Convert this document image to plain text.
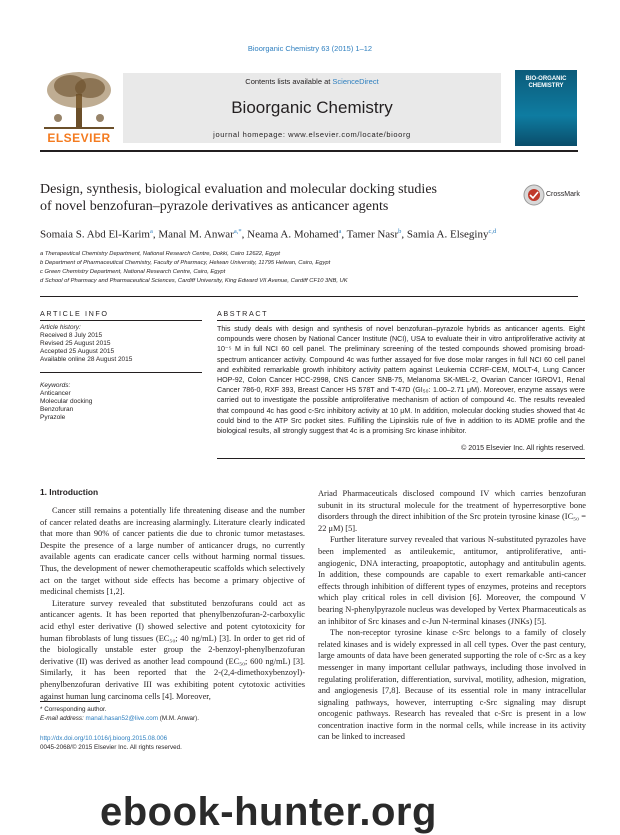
Bioorganic Chemistry 63 (2015) 1–12
ELSEVIER
Contents lists available at ScienceDirect
Bioorganic Chemistry
journal homepage: www.elsevier.com/locate/bioorg
BIO-ORGANIC CHEMISTRY
Design, synthesis, biological evaluation and molecular docking studies
of novel benzofuran–pyrazole derivatives as anticancer agents
CrossMark
Somaia S. Abd El-Karim$^a$, Manal M. Anwar$^{a,*}$, Neama A. Mohamed$^a$, Tamer Nasr$^b$, Samia A. Elseginy$^{c,d}$
a Therapeutical Chemistry Department, National Research Centre, Dokki, Cairo 12622, Egypt
b Department of Pharmaceutical Chemistry, Faculty of Pharmacy, Helwan University, 11795 Helwan, Cairo, Egypt
c Green Chemistry Department, National Research Centre, Cairo, Egypt
d School of Pharmacy and Pharmaceutical Sciences, Cardiff University, King Edward VII Avenue, Cardiff CF10 3NB, UK
ARTICLE INFO
Article history:
Received 8 July 2015
Revised 25 August 2015
Accepted 25 August 2015
Available online 28 August 2015
Keywords:
Anticancer
Molecular docking
Benzofuran
Pyrazole
ABSTRACT
This study deals with design and synthesis of novel benzofuran–pyrazole hybrids as anticancer agents. Eight compounds were chosen by National Cancer Institute (NCI), USA to evaluate their in vitro antiproliferative activity at 10⁻⁵ M in full NCI 60 cell panel. The preliminary screening of the tested compounds showed promising broad-spectrum anticancer activity. Compound 4c was further assayed for five dose molar ranges in full NCI 60 cell panel and exhibited remarkable growth inhibitory activity pattern against Leukemia CCRF-CEM, MOLT-4, Lung Cancer HOP-92, Colon Cancer HCC-2998, CNS Cancer SNB-75, Melanoma SK-MEL-2, Ovarian Cancer IGROV1, Renal Cancer 786-0, RXF 393, Breast Cancer HS 578T and T-47D (GI₅₀: 1.00–2.71 μM). Moreover, enzyme assays were carried out to investigate the possible antiproliferative mechanism of action of compound 4c. The results revealed that compound 4c has good c-Src inhibitory activity at 10 μM. In addition, molecular docking studies showed that 4c could bind to the ATP Src pocket sites. Fulfilling the Lipinskiis rule of five in addition to its ADME profile and the biological results, all strongly suggest that 4c is a promising Src kinase inhibitor.
© 2015 Elsevier Inc. All rights reserved.
1. Introduction

Cancer still remains a potentially life threatening disease and the number of cancer related deaths are increasing alarmingly. Literature clearly indicated that more than 90% of cancer patients die due to chronic tumor metastases. Despite the presence of a large number of anticancer drugs, no currently available agents can eradicate cancer cells without harming normal tissues. Thus, the development of newer chemotherapeutic scaffolds which selectively act on the target without side effects has become a primary objective of medicinal chemists [1,2].

Literature survey revealed that substituted benzofurans could act as anticancer agents. It has been reported that phenylbenzofuran-2-carboxylic acid ethyl ester derivative (I) showed selective and potent cytotoxicity for human fibroblasts of lung tissues (EC₅₀; 40 ng/mL) [3]. In order to get rid of the biologically unstable ester group the 2-benzoyl-phenylbenzofuran derivative (II) was derived as another lead compound (EC₅₀; 600 ng/mL) [3]. Similarly, it has been reported that the 2-(2,4-dimethoxybenzoyl)-phenylbenzofuran derivative III was exhibiting potent cytotoxic activities against human lung carcinoma cells [4]. Moreover,

Ariad Pharmaceuticals disclosed compound IV which carries benzofuran subunit in its structural molecule for the treatment of hyperresorptive bone disorders through the direct inhibition of the Src protein tyrosine kinase (IC₅₀ = 22 μM) [5].

Further literature survey revealed that various N-substituted pyrazoles have been implemented as antileukemic, antitumor, antiproliferative, anti-angiogenic, DNA interacting, proapoptotic, autophagy and antitubulin agents. In addition, these compounds are capable to exert remarkable anti-cancer effects through inhibition of different types of enzymes, proteins and receptors which play critical roles in cell division [6]. Moreover, the compound V bearing N-phenylpyrazole nucleus was developed by Vertex Pharmaceuticals as an inhibitor of Src kinases and c-Jun N-terminal kinases (JNKs) [5].

The non-receptor tyrosine kinase c-Src belongs to a family of closely related kinases and is widely expressed in all cell types. Over the past century, large amounts of data have been generated supporting the role of c-Src as a key messenger in many important cellular pathways, including those involved in regulating proliferation, differentiation, survival, motility, adhesion, migration, and angiogenesis [7,8]. Because of its essential role in many intracellular signaling pathways, however, interrupting c-Src signaling may disrupt oncogenic pathways. Research has revealed that c-Src is present in a low concentration inactive form in the normal cells, while increase in its activity can be linked to increased

* Corresponding author.
E-mail address: manal.hasan52@live.com (M.M. Anwar).
http://dx.doi.org/10.1016/j.bioorg.2015.08.006
0045-2068/© 2015 Elsevier Inc. All rights reserved.
ebook-hunter.org
